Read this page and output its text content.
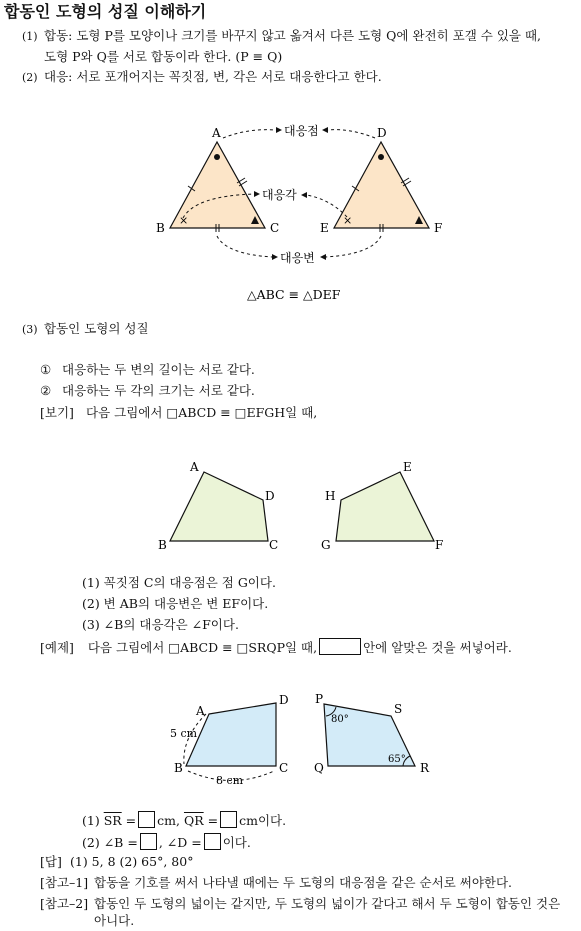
합동인 도형의 성질 이해하기
(1) 합동: 도형 P를 모양이나 크기를 바꾸지 않고 옮겨서 다른 도형 Q에 완전히 포갤 수 있을 때,
도형 P와 Q를 서로 합동이라 한다. (P ≡ Q)
(2) 대응: 서로 포개어지는 꼭짓점, 변, 각은 서로 대응한다고 한다.
×	×
A
B	C
D
E	F
대응점
대응각
대응변
△ABC ≡ △DEF
(3) 합동인 도형의 성질
① 대응하는 두 변의 길이는 서로 같다.
② 대응하는 두 각의 크기는 서로 같다.
[보기] 다음 그림에서 □ABCD ≡ □EFGH일 때,
A
D
B	C
E
H
G	F
(1) 꼭짓점 C의 대응점은 점 G이다.
(2) 변 AB의 대응변은 변 EF이다.
(3) ∠B의 대응각은 ∠F이다.
[예제] 다음 그림에서 □ABCD ≡ □SRQP일 때,	안에 알맞은 것을 써넣어라.
A
D
B	C
P
S
Q	R
5 cm
8 cm
80°
65°
(1) $\overline{SR}$ = cm, $\overline{QR}$ = cm이다.
(2) ∠B = , ∠D = 이다.
[답] (1) 5, 8 (2) 65°, 80°
[참고–1] 합동을 기호를 써서 나타낼 때에는 두 도형의 대응점을 같은 순서로 써야한다.
[참고–2] 합동인 두 도형의 넓이는 같지만, 두 도형의 넓이가 같다고 해서 두 도형이 합동인 것은
아니다.
